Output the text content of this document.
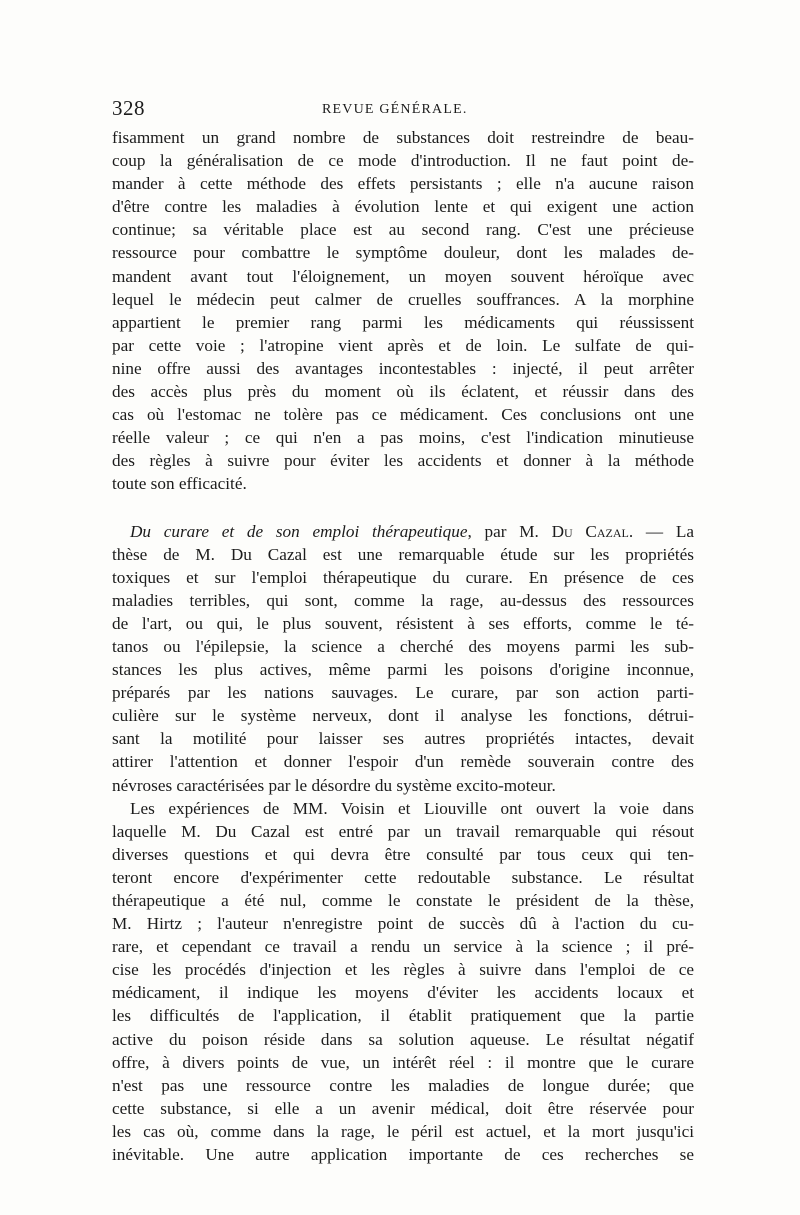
328	REVUE GÉNÉRALE.
fisamment un grand nombre de substances doit restreindre de beau-
coup la généralisation de ce mode d'introduction. Il ne faut point de-
mander à cette méthode des effets persistants ; elle n'a aucune raison
d'être contre les maladies à évolution lente et qui exigent une action
continue; sa véritable place est au second rang. C'est une précieuse
ressource pour combattre le symptôme douleur, dont les malades de-
mandent avant tout l'éloignement, un moyen souvent héroïque avec
lequel le médecin peut calmer de cruelles souffrances. A la morphine
appartient le premier rang parmi les médicaments qui réussissent
par cette voie ; l'atropine vient après et de loin. Le sulfate de qui-
nine offre aussi des avantages incontestables : injecté, il peut arrêter
des accès plus près du moment où ils éclatent, et réussir dans des
cas où l'estomac ne tolère pas ce médicament. Ces conclusions ont une
réelle valeur ; ce qui n'en a pas moins, c'est l'indication minutieuse
des règles à suivre pour éviter les accidents et donner à la méthode
toute son efficacité.
Du curare et de son emploi thérapeutique, par M. Du Cazal. — La
thèse de M. Du Cazal est une remarquable étude sur les propriétés
toxiques et sur l'emploi thérapeutique du curare. En présence de ces
maladies terribles, qui sont, comme la rage, au-dessus des ressources
de l'art, ou qui, le plus souvent, résistent à ses efforts, comme le té-
tanos ou l'épilepsie, la science a cherché des moyens parmi les sub-
stances les plus actives, même parmi les poisons d'origine inconnue,
préparés par les nations sauvages. Le curare, par son action parti-
culière sur le système nerveux, dont il analyse les fonctions, détrui-
sant la motilité pour laisser ses autres propriétés intactes, devait
attirer l'attention et donner l'espoir d'un remède souverain contre des
névroses caractérisées par le désordre du système excito-moteur.
Les expériences de MM. Voisin et Liouville ont ouvert la voie dans
laquelle M. Du Cazal est entré par un travail remarquable qui résout
diverses questions et qui devra être consulté par tous ceux qui ten-
teront encore d'expérimenter cette redoutable substance. Le résultat
thérapeutique a été nul, comme le constate le président de la thèse,
M. Hirtz ; l'auteur n'enregistre point de succès dû à l'action du cu-
rare, et cependant ce travail a rendu un service à la science ; il pré-
cise les procédés d'injection et les règles à suivre dans l'emploi de ce
médicament, il indique les moyens d'éviter les accidents locaux et
les difficultés de l'application, il établit pratiquement que la partie
active du poison réside dans sa solution aqueuse. Le résultat négatif
offre, à divers points de vue, un intérêt réel : il montre que le curare
n'est pas une ressource contre les maladies de longue durée; que
cette substance, si elle a un avenir médical, doit être réservée pour
les cas où, comme dans la rage, le péril est actuel, et la mort jusqu'ici
inévitable. Une autre application importante de ces recherches se
